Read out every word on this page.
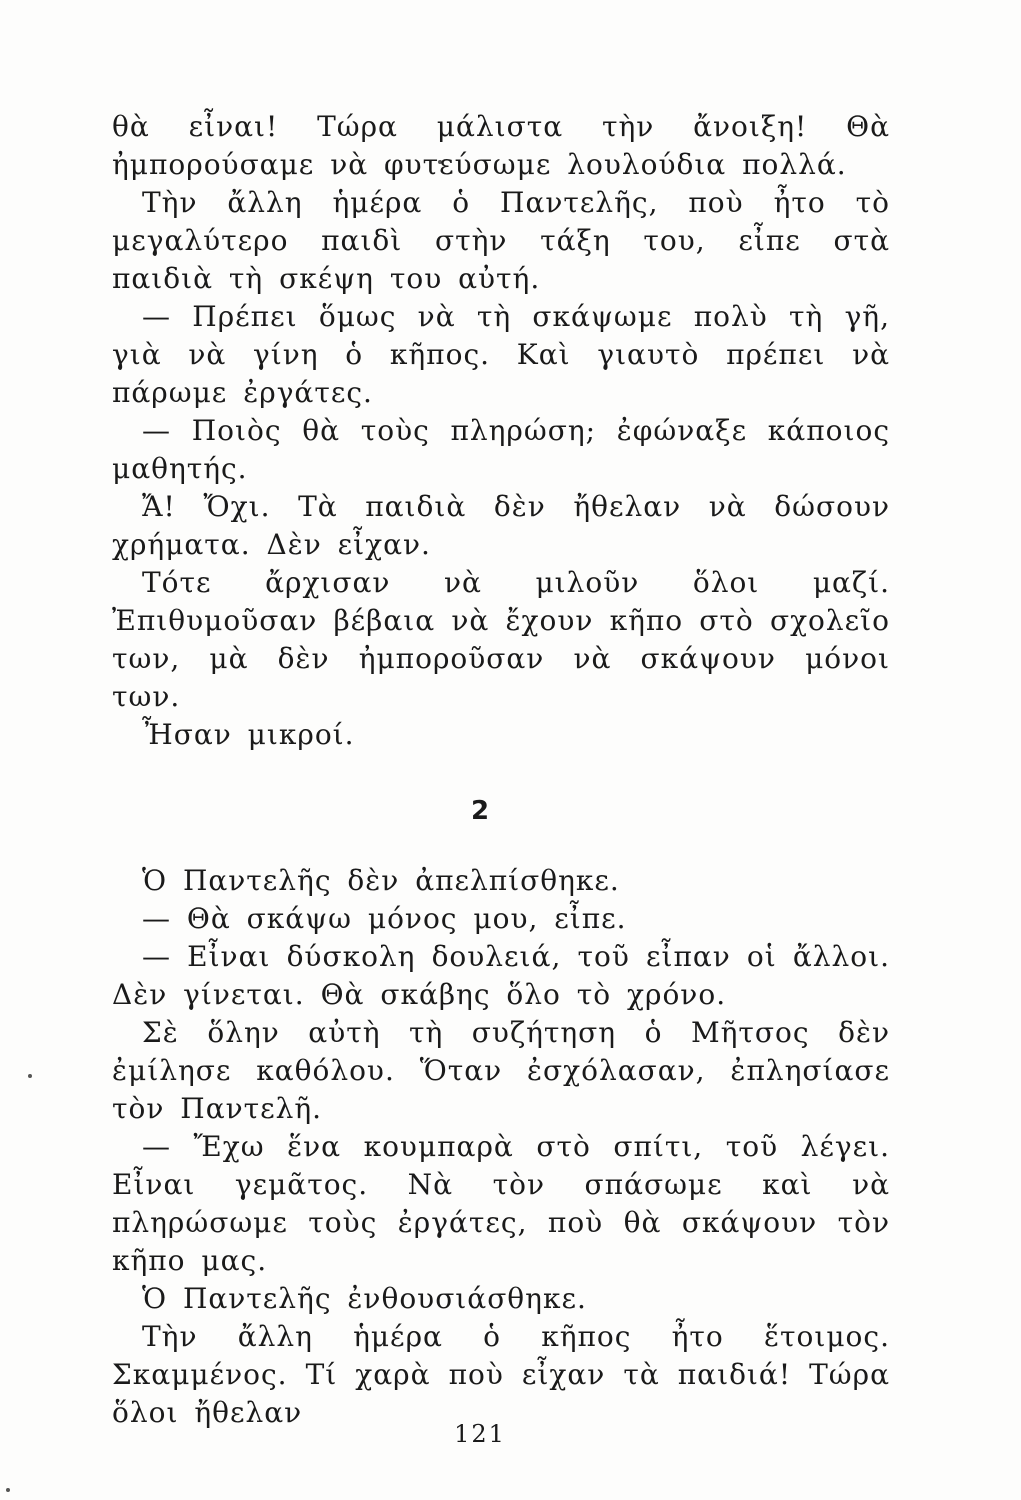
θὰ εἶναι! Τώρα μάλιστα τὴν ἄνοιξη! Θὰ ἠμπορούσαμε νὰ φυτεύσωμε λουλούδια πολλά.

Τὴν ἄλλη ἡμέρα ὁ Παντελῆς, ποὺ ἦτο τὸ μεγαλύτερο παιδὶ στὴν τάξη του, εἶπε στὰ παιδιὰ τὴ σκέψη του αὐτή.

— Πρέπει ὅμως νὰ τὴ σκάψωμε πολὺ τὴ γῆ, γιὰ νὰ γίνη ὁ κῆπος. Καὶ γιαυτὸ πρέπει νὰ πάρωμε ἐργάτες.

— Ποιὸς θὰ τοὺς πληρώση; ἐφώναξε κάποιος μαθητής.

Ἄ! Ὄχι. Τὰ παιδιὰ δὲν ἤθελαν νὰ δώσουν χρήματα. Δὲν εἶχαν.

Τότε ἄρχισαν νὰ μιλοῦν ὅλοι μαζί. Ἐπιθυμοῦσαν βέβαια νὰ ἔχουν κῆπο στὸ σχολεῖο των, μὰ δὲν ἠμποροῦσαν νὰ σκάψουν μόνοι των.

Ἦσαν μικροί.

2

Ὁ Παντελῆς δὲν ἀπελπίσθηκε.

— Θὰ σκάψω μόνος μου, εἶπε.

— Εἶναι δύσκολη δουλειά, τοῦ εἶπαν οἱ ἄλλοι. Δὲν γίνεται. Θὰ σκάβης ὅλο τὸ χρόνο.

Σὲ ὅλην αὐτὴ τὴ συζήτηση ὁ Μῆτσος δὲν ἐμίλησε καθόλου. Ὅταν ἐσχόλασαν, ἐπλησίασε τὸν Παντελῆ.

— Ἔχω ἕνα κουμπαρὰ στὸ σπίτι, τοῦ λέγει. Εἶναι γεμᾶτος. Νὰ τὸν σπάσωμε καὶ νὰ πληρώσωμε τοὺς ἐργάτες, ποὺ θὰ σκάψουν τὸν κῆπο μας.

Ὁ Παντελῆς ἐνθουσιάσθηκε.

Τὴν ἄλλη ἡμέρα ὁ κῆπος ἦτο ἕτοιμος. Σκαμμένος. Τί χαρὰ ποὺ εἶχαν τὰ παιδιά! Τώρα ὅλοι ἤθελαν

121
